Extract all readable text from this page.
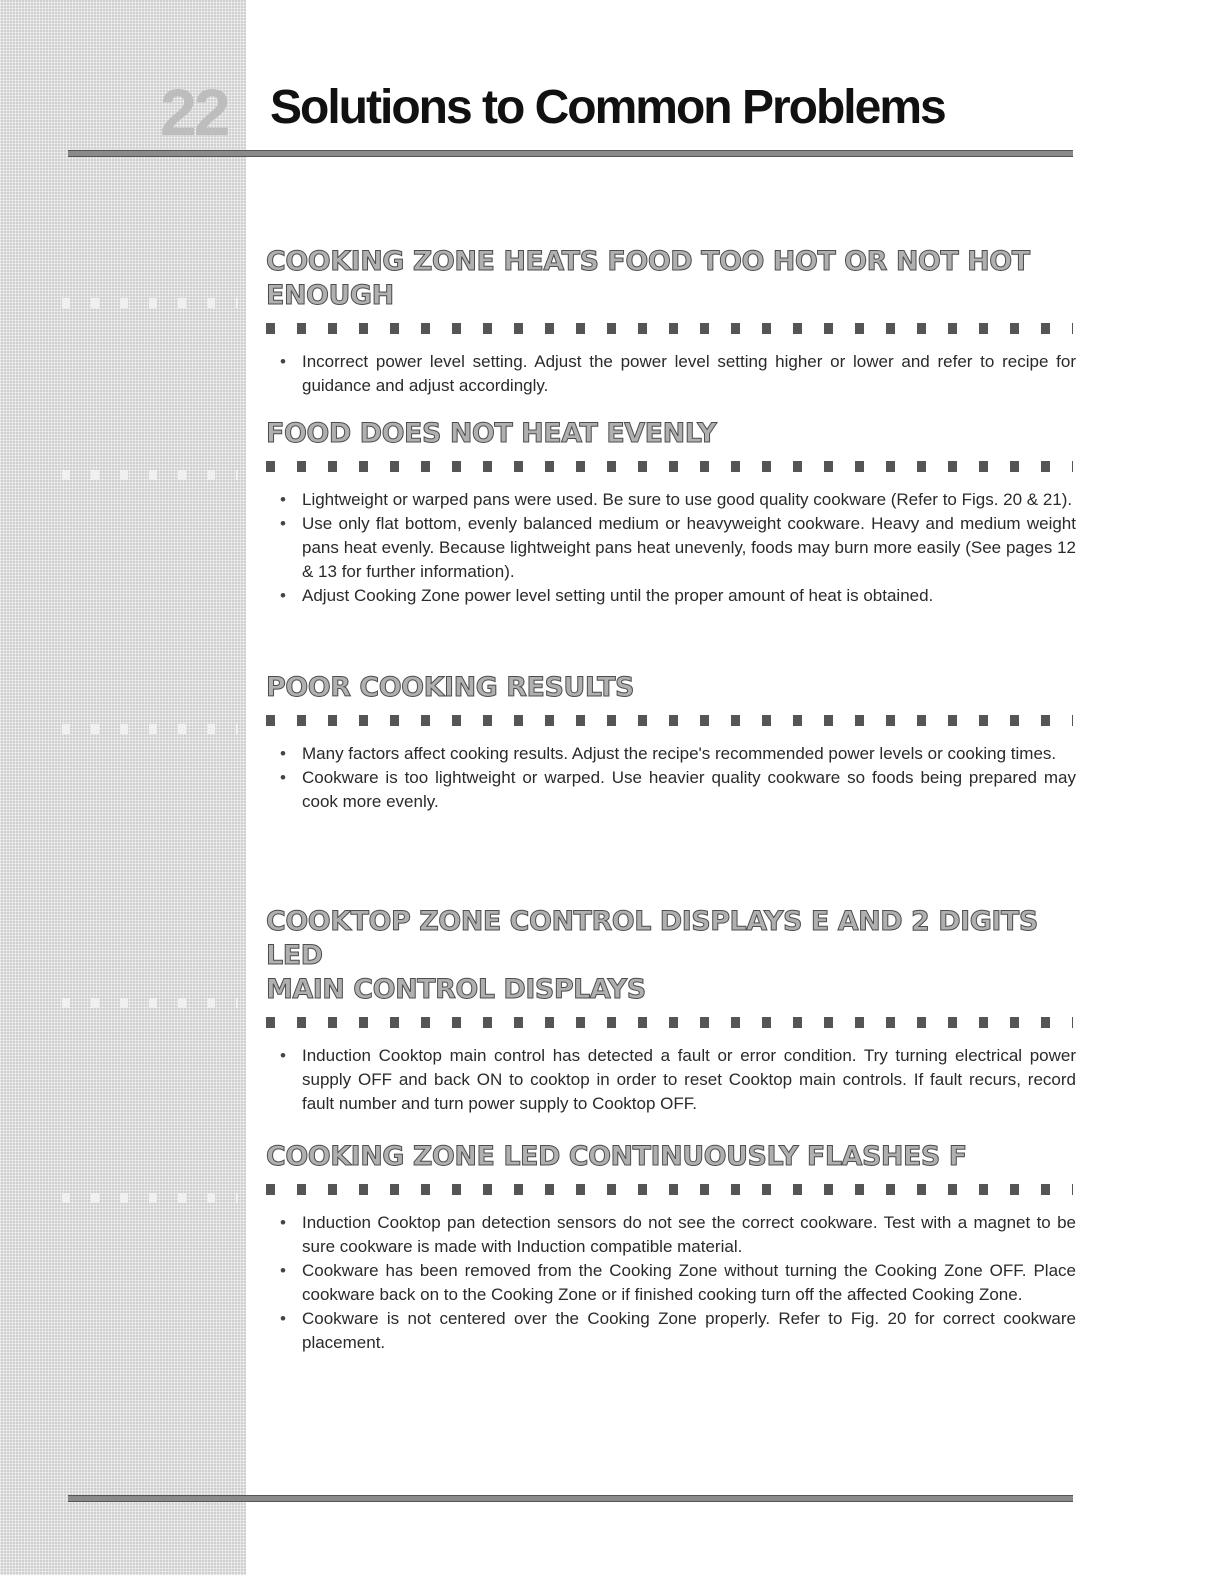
22 Solutions to Common Problems
COOKING ZONE HEATS FOOD TOO HOT OR NOT HOT ENOUGH
• Incorrect power level setting. Adjust the power level setting higher or lower and refer to recipe for guidance and adjust accordingly.
FOOD DOES NOT HEAT EVENLY
• Lightweight or warped pans were used. Be sure to use good quality cookware (Refer to Figs. 20 & 21).
• Use only flat bottom, evenly balanced medium or heavyweight cookware. Heavy and medium weight pans heat evenly. Because lightweight pans heat unevenly, foods may burn more easily (See pages 12 & 13 for further information).
• Adjust Cooking Zone power level setting until the proper amount of heat is obtained.
POOR COOKING RESULTS
• Many factors affect cooking results. Adjust the recipe's recommended power levels or cooking times.
• Cookware is too lightweight or warped. Use heavier quality cookware so foods being prepared may cook more evenly.
COOKTOP ZONE CONTROL DISPLAYS E AND 2 DIGITS LED
MAIN CONTROL DISPLAYS
• Induction Cooktop main control has detected a fault or error condition. Try turning electrical power supply OFF and back ON to cooktop in order to reset Cooktop main controls. If fault recurs, record fault number and turn power supply to Cooktop OFF.
COOKING ZONE LED CONTINUOUSLY FLASHES F
• Induction Cooktop pan detection sensors do not see the correct cookware. Test with a magnet to be sure cookware is made with Induction compatible material.
• Cookware has been removed from the Cooking Zone without turning the Cooking Zone OFF. Place cookware back on to the Cooking Zone or if finished cooking turn off the affected Cooking Zone.
• Cookware is not centered over the Cooking Zone properly. Refer to Fig. 20 for correct cookware placement.
